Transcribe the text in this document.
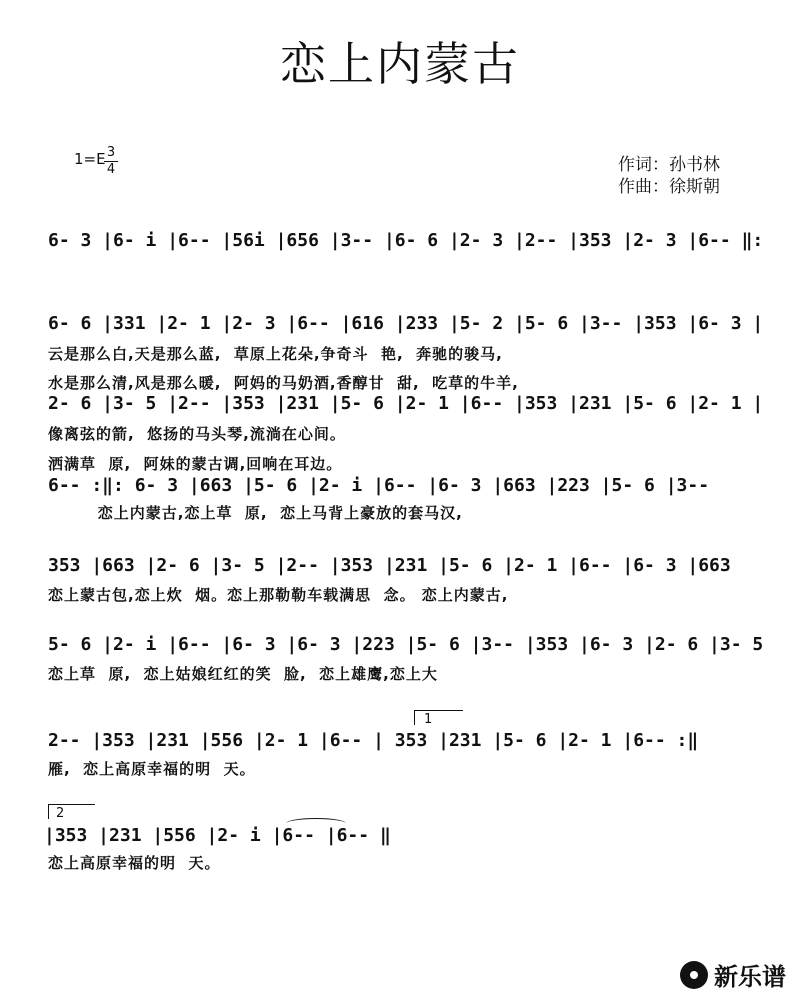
恋上内蒙古
1=E 3
4	作词：孙书林
作曲：徐斯朝
6- 3 |6- i |6-- |56i |656 |3-- |6- 6 |2- 3 |2-- |353 |2- 3 |6-- ‖:
6- 6 |331 |2- 1 |2- 3 |6-- |616 |233 |5- 2 |5- 6 |3-- |353 |6- 3 |
云是那么白,天是那么蓝,  草原上花朵,争奇斗  艳,  奔驰的骏马,
水是那么清,风是那么暖,  阿妈的马奶酒,香醇甘  甜,  吃草的牛羊,
2- 6 |3- 5 |2-- |353 |231 |5- 6 |2- 1 |6-- |353 |231 |5- 6 |2- 1 |
像离弦的箭,  悠扬的马头琴,流淌在心间。
洒满草  原,  阿妹的蒙古调,回响在耳边。
6-- :‖: 6- 3 |663 |5- 6 |2- i |6-- |6- 3 |663 |223 |5- 6 |3--
恋上内蒙古,恋上草  原,  恋上马背上豪放的套马汉,
353 |663 |2- 6 |3- 5 |2-- |353 |231 |5- 6 |2- 1 |6-- |6- 3 |663
恋上蒙古包,恋上炊  烟。恋上那勒勒车载满思  念。 恋上内蒙古,
5- 6 |2- i |6-- |6- 3 |6- 3 |223 |5- 6 |3-- |353 |6- 3 |2- 6 |3- 5
恋上草  原,  恋上姑娘红红的笑  脸,  恋上雄鹰,恋上大
1
2-- |353 |231 |556 |2- 1 |6-- | 353 |231 |5- 6 |2- 1 |6-- :‖
雁,  恋上高原幸福的明  天。
2
|353 |231 |556 |2- i |6-- |6-- ‖
恋上高原幸福的明  天。
新乐谱
